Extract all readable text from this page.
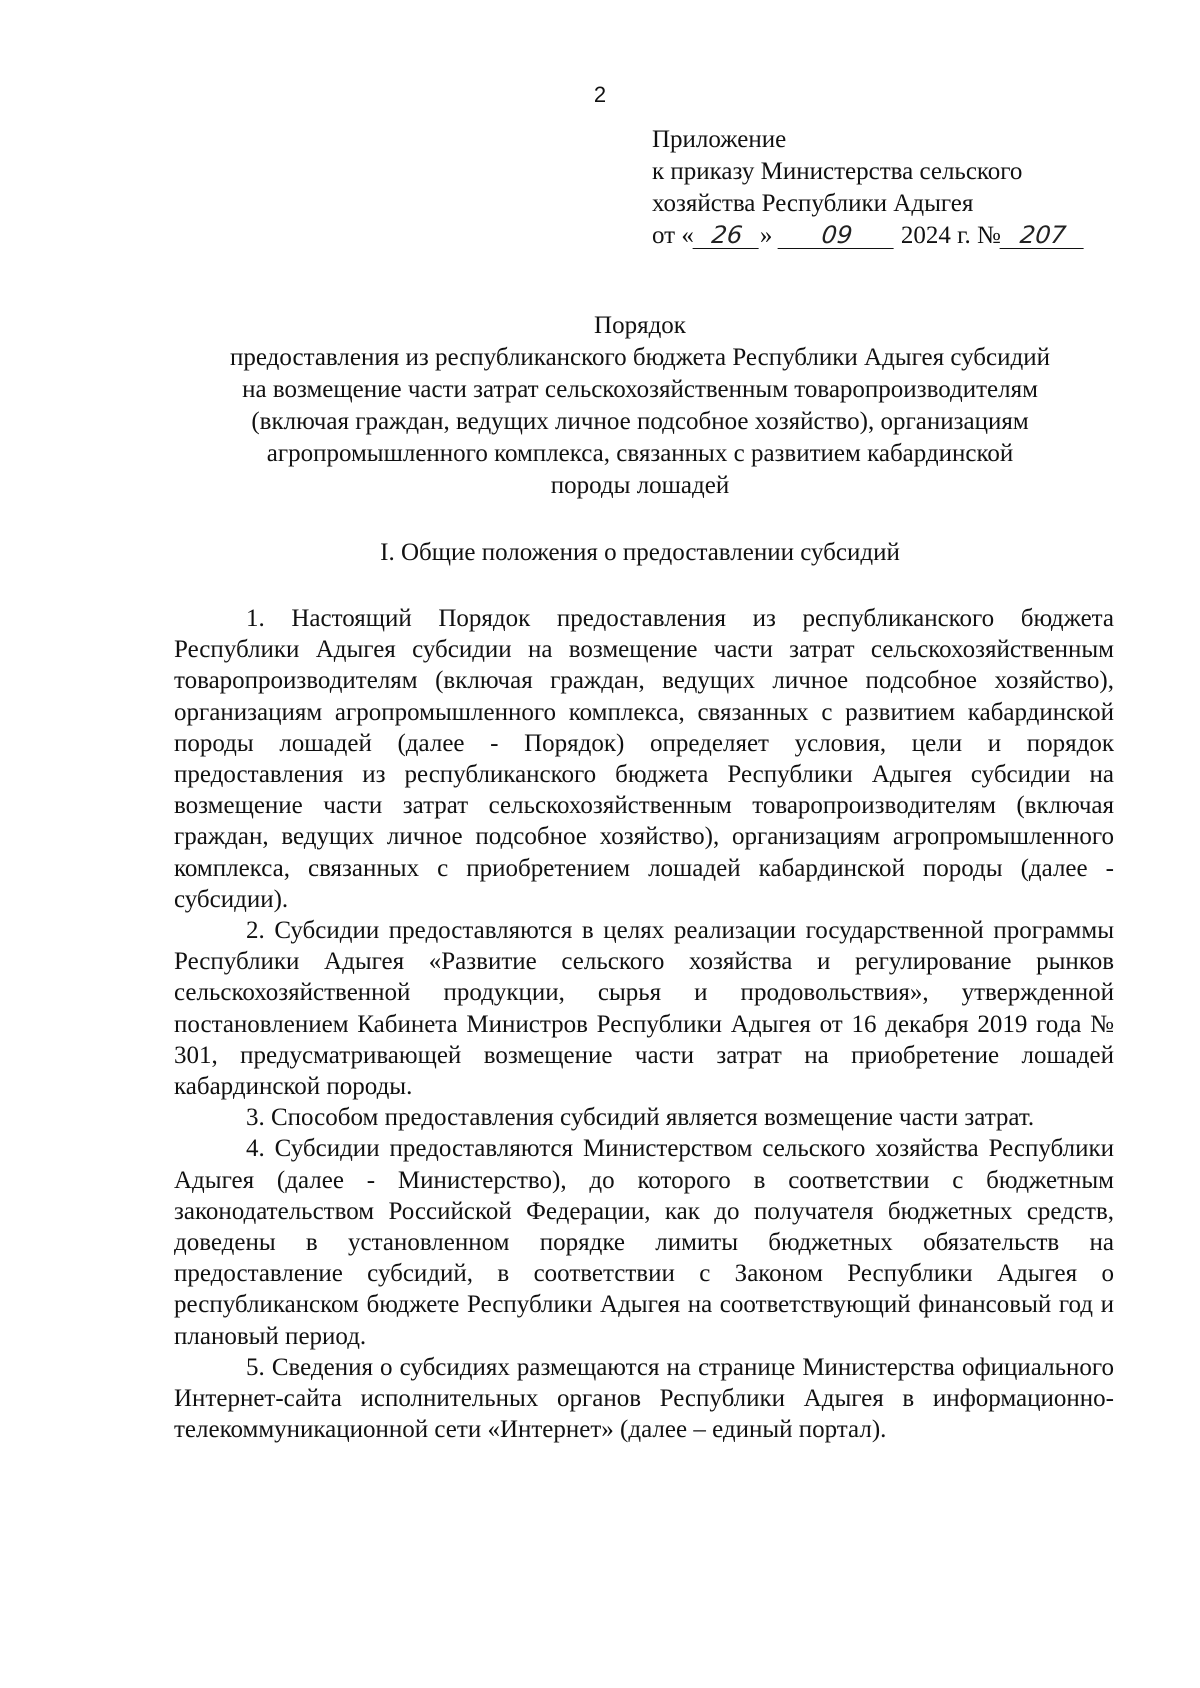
2
Приложение
к приказу Министерства сельского
хозяйства Республики Адыгея
от « 26 » 09 2024 г. № 207
Порядок
предоставления из республиканского бюджета Республики Адыгея субсидий
на возмещение части затрат сельскохозяйственным товаропроизводителям
(включая граждан, ведущих личное подсобное хозяйство), организациям
агропромышленного комплекса, связанных с развитием кабардинской
породы лошадей
I. Общие положения о предоставлении субсидий

1. Настоящий Порядок предоставления из республиканского бюджета Республики Адыгея субсидии на возмещение части затрат сельскохозяйственным товаропроизводителям (включая граждан, ведущих личное подсобное хозяйство), организациям агропромышленного комплекса, связанных с развитием кабардинской породы лошадей (далее - Порядок) определяет условия, цели и порядок предоставления из республиканского бюджета Республики Адыгея субсидии на возмещение части затрат сельскохозяйственным товаропроизводителям (включая граждан, ведущих личное подсобное хозяйство), организациям агропромышленного комплекса, связанных с приобретением лошадей кабардинской породы (далее - субсидии).

2. Субсидии предоставляются в целях реализации государственной программы Республики Адыгея «Развитие сельского хозяйства и регулирование рынков сельскохозяйственной продукции, сырья и продовольствия», утвержденной постановлением Кабинета Министров Республики Адыгея от 16 декабря 2019 года № 301, предусматривающей возмещение части затрат на приобретение лошадей кабардинской породы.

3. Способом предоставления субсидий является возмещение части затрат.

4. Субсидии предоставляются Министерством сельского хозяйства Республики Адыгея (далее - Министерство), до которого в соответствии с бюджетным законодательством Российской Федерации, как до получателя бюджетных средств, доведены в установленном порядке лимиты бюджетных обязательств на предоставление субсидий, в соответствии с Законом Республики Адыгея о республиканском бюджете Республики Адыгея на соответствующий финансовый год и плановый период.

5. Сведения о субсидиях размещаются на странице Министерства официального Интернет-сайта исполнительных органов Республики Адыгея в информационно-телекоммуникационной сети «Интернет» (далее – единый портал).
